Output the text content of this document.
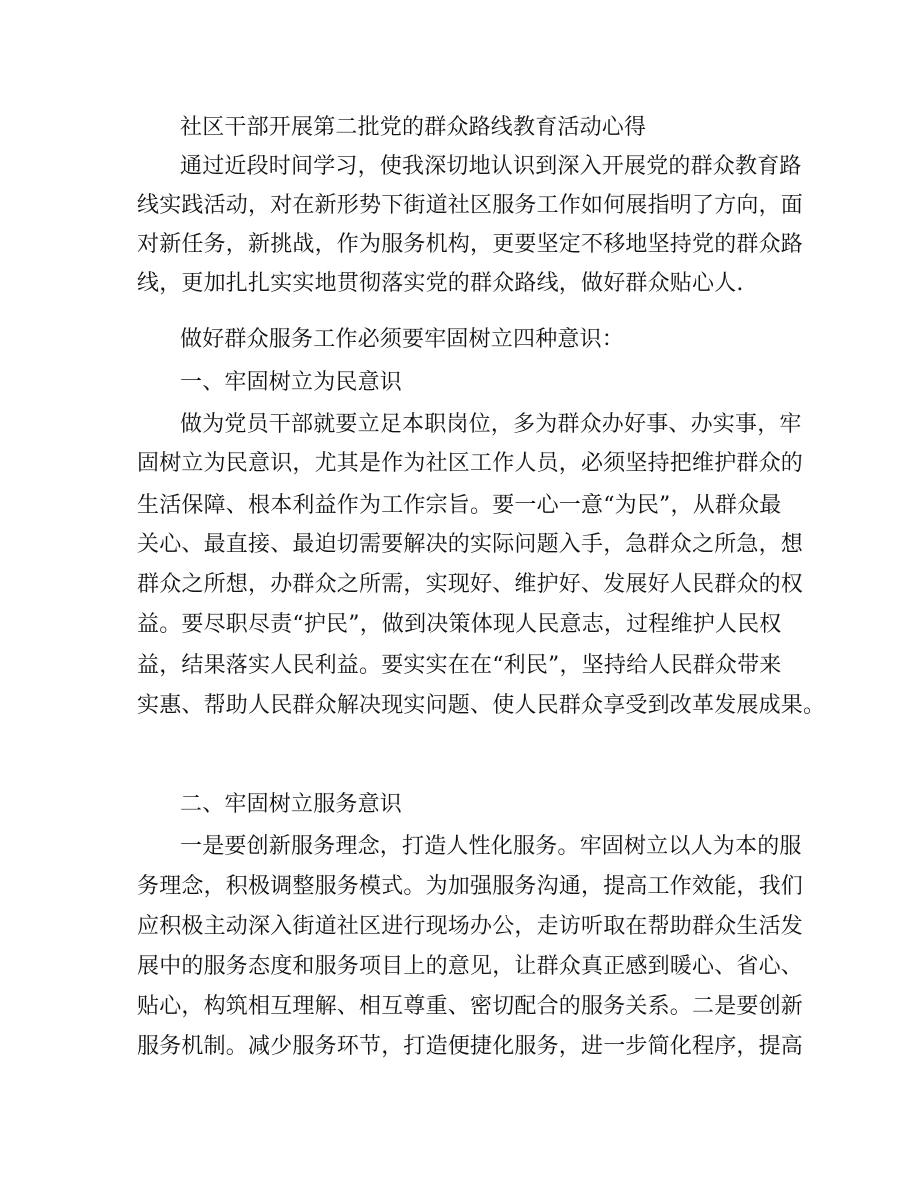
社区干部开展第二批党的群众路线教育活动心得
通过近段时间学习，使我深切地认识到深入开展党的群众教育路
线实践活动，对在新形势下街道社区服务工作如何展指明了方向，面
对新任务，新挑战，作为服务机构，更要坚定不移地坚持党的群众路
线，更加扎扎实实地贯彻落实党的群众路线，做好群众贴心人.
做好群众服务工作必须要牢固树立四种意识：
一、牢固树立为民意识
做为党员干部就要立足本职岗位，多为群众办好事、办实事，牢
固树立为民意识，尤其是作为社区工作人员，必须坚持把维护群众的
生活保障、根本利益作为工作宗旨。要一心一意“为民”，从群众最
关心、最直接、最迫切需要解决的实际问题入手，急群众之所急，想
群众之所想，办群众之所需，实现好、维护好、发展好人民群众的权
益。要尽职尽责“护民”，做到决策体现人民意志，过程维护人民权
益，结果落实人民利益。要实实在在“利民”，坚持给人民群众带来
实惠、帮助人民群众解决现实问题、使人民群众享受到改革发展成果。
二、牢固树立服务意识
一是要创新服务理念，打造人性化服务。牢固树立以人为本的服
务理念，积极调整服务模式。为加强服务沟通，提高工作效能，我们
应积极主动深入街道社区进行现场办公，走访听取在帮助群众生活发
展中的服务态度和服务项目上的意见，让群众真正感到暖心、省心、
贴心，构筑相互理解、相互尊重、密切配合的服务关系。二是要创新
服务机制。减少服务环节，打造便捷化服务，进一步简化程序，提高
